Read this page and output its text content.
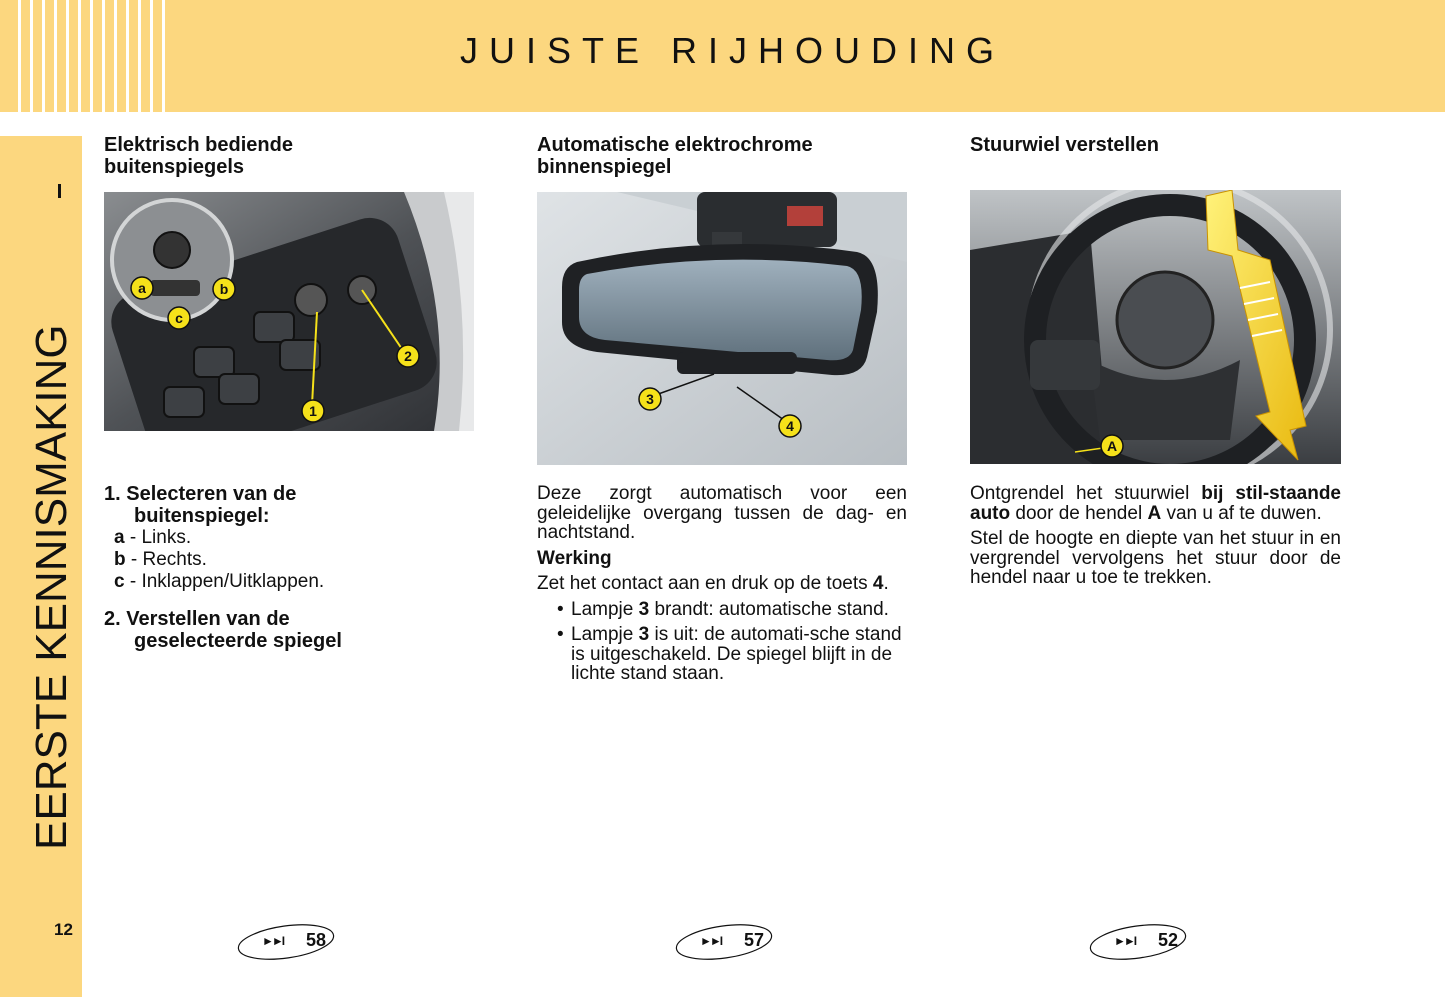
JUISTE RIJHOUDING
EERSTE KENNISMAKING
12
Elektrisch bediende
buitenspiegels
a	b
c
2
1
1. Selecteren van de
buitenspiegel:
a - Links.
b - Rechts.
c - Inklappen/Uitklappen.
2. Verstellen van de
geselecteerde spiegel
►►I 58
Automatische elektrochrome
binnenspiegel
3
4

Deze zorgt automatisch voor een geleidelijke overgang tussen de dag- en nachtstand.

Werking

Zet het contact aan en druk op de toets 4.

• Lampje 3 brandt: automatische stand.
• Lampje 3 is uit: de automati-sche stand is uitgeschakeld. De spiegel blijft in de lichte stand staan.
►►I 57
Stuurwiel verstellen
A

Ontgrendel het stuurwiel bij stil-staande auto door de hendel A van u af te duwen.

Stel de hoogte en diepte van het stuur in en vergrendel vervolgens het stuur door de hendel naar u toe te trekken.

►►I 52
